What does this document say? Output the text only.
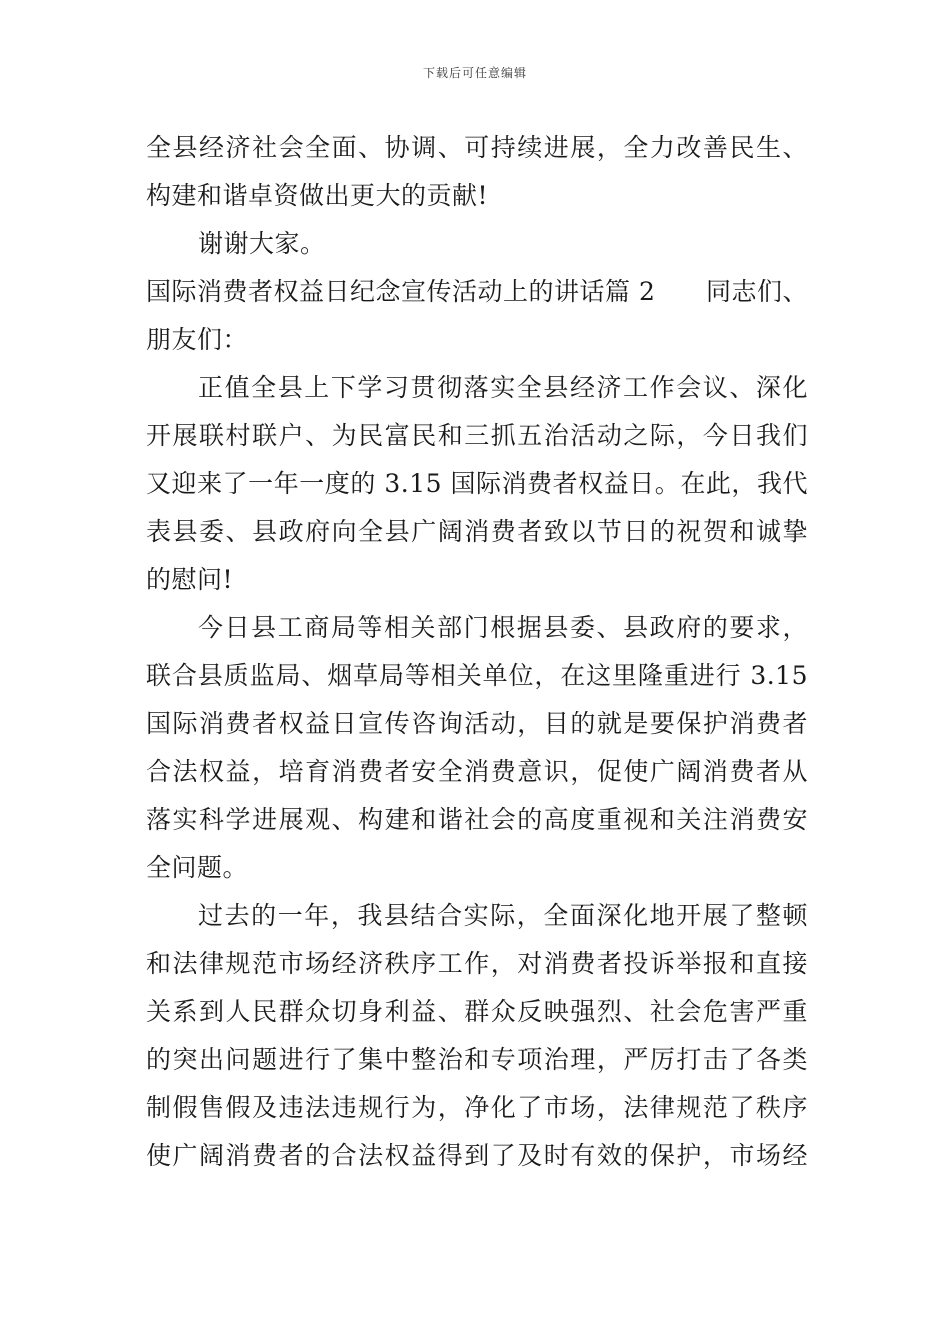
下载后可任意编辑
全县经济社会全面、协调、可持续进展，全力改善民生、
构建和谐卓资做出更大的贡献!
谢谢大家。
国际消费者权益日纪念宣传活动上的讲话篇 2 同志们、
朋友们：
正值全县上下学习贯彻落实全县经济工作会议、深化
开展联村联户、为民富民和三抓五治活动之际，今日我们
又迎来了一年一度的 3.15 国际消费者权益日。在此，我代
表县委、县政府向全县广阔消费者致以节日的祝贺和诚挚
的慰问!
今日县工商局等相关部门根据县委、县政府的要求，
联合县质监局、烟草局等相关单位，在这里隆重进行 3.15
国际消费者权益日宣传咨询活动，目的就是要保护消费者
合法权益，培育消费者安全消费意识，促使广阔消费者从
落实科学进展观、构建和谐社会的高度重视和关注消费安
全问题。
过去的一年，我县结合实际，全面深化地开展了整顿
和法律规范市场经济秩序工作，对消费者投诉举报和直接
关系到人民群众切身利益、群众反映强烈、社会危害严重
的突出问题进行了集中整治和专项治理，严厉打击了各类
制假售假及违法违规行为，净化了市场，法律规范了秩序
使广阔消费者的合法权益得到了及时有效的保护，市场经
